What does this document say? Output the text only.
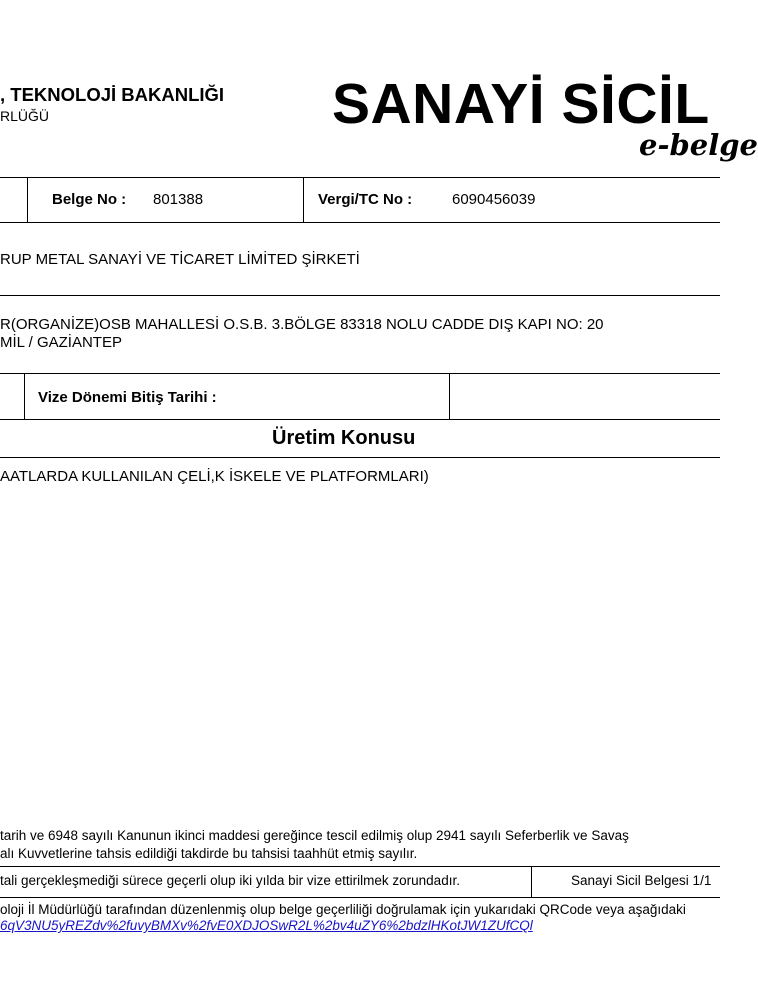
, TEKNOLOJİ BAKANLIĞI
RLÜĞÜ	SANAYİ SİCİL
e-belge
Belge No : 801388	Vergi/TC No :	6090456039
RUP METAL SANAYİ VE TİCARET LİMİTED ŞİRKETİ
R(ORGANİZE)OSB MAHALLESİ O.S.B. 3.BÖLGE 83318 NOLU CADDE DIŞ KAPI NO: 20
MİL / GAZİANTEP
Vize Dönemi Bitiş Tarihi :
Üretim Konusu
AATLARDA KULLANILAN ÇELİ,K İSKELE VE PLATFORMLARI)
tarih ve 6948 sayılı Kanunun ikinci maddesi gereğince tescil edilmiş olup 2941 sayılı Seferberlik ve Savaş
alı Kuvvetlerine tahsis edildiği takdirde bu tahsisi taahhüt etmiş sayılır.
tali gerçekleşmediği sürece geçerli olup iki yılda bir vize ettirilmek zorundadır.	Sanayi Sicil Belgesi 1/1
oloji İl Müdürlüğü tarafından düzenlenmiş olup belge geçerliliği doğrulamak için yukarıdaki QRCode veya aşağıdaki
6qV3NU5yREZdv%2fuvyBMXv%2fvE0XDJOSwR2L%2bv4uZY6%2bdzlHKotJW1ZUfCQl
